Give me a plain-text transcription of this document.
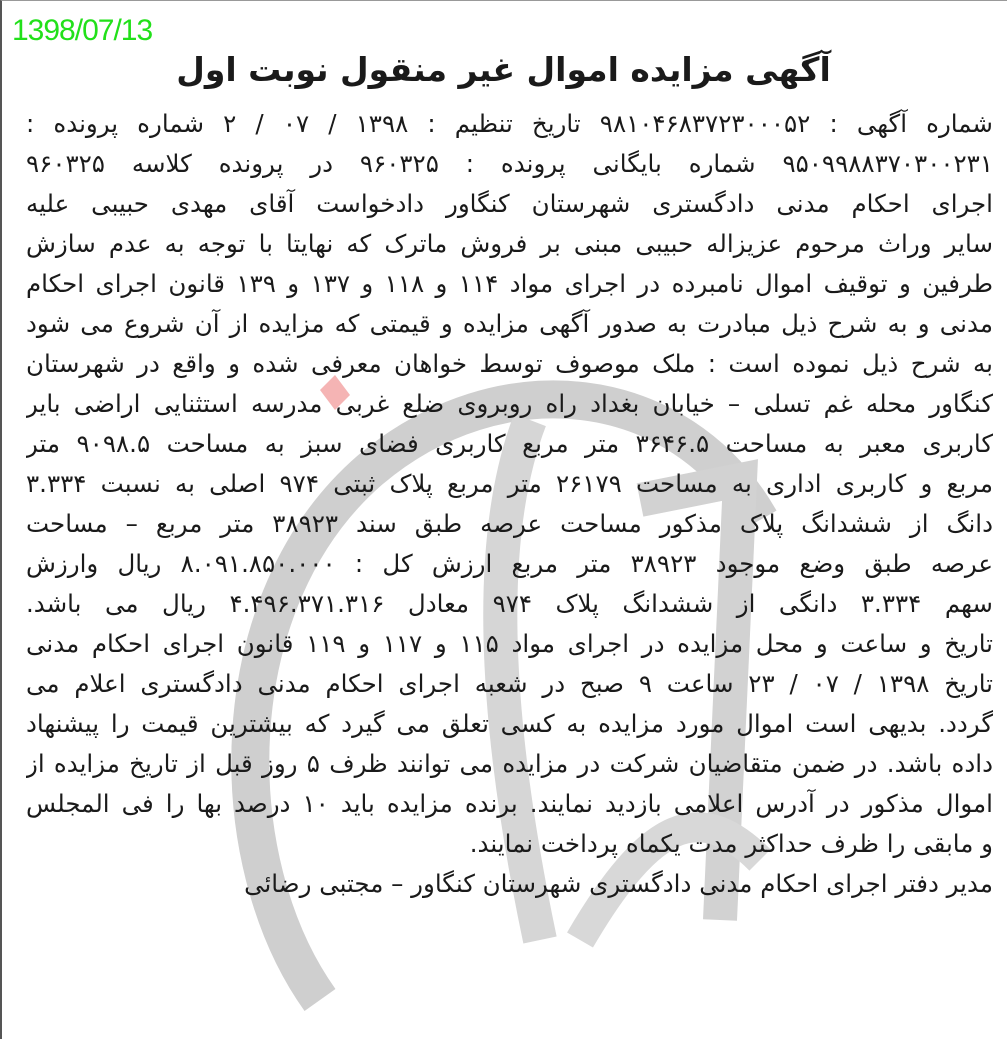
1398/07/13
آگهی مزایده اموال غیر منقول نوبت اول
شماره آگهی : ۹۸۱۰۴۶۸۳۷۲۳۰۰۰۵۲ تاریخ تنظیم : ۱۳۹۸ / ۰۷ / ۲ شماره پرونده :
۹۵۰۹۹۸۸۳۷۰۳۰۰۲۳۱ شماره بایگانی پرونده : ۹۶۰۳۲۵ در پرونده کلاسه ۹۶۰۳۲۵
اجرای احکام مدنی دادگستری شهرستان کنگاور دادخواست آقای مهدی حبیبی علیه
سایر وراث مرحوم عزیزاله حبیبی مبنی بر فروش ماترک که نهایتا با توجه به عدم سازش
طرفین و توقیف اموال نامبرده در اجرای مواد ۱۱۴ و ۱۱۸ و ۱۳۷ و ۱۳۹ قانون اجرای احکام
مدنی و به شرح ذیل مبادرت به صدور آگهی مزایده و قیمتی که مزایده از آن شروع می شود
به شرح ذیل نموده است : ملک موصوف توسط خواهان معرفی شده و واقع در شهرستان
کنگاور محله غم تسلی – خیابان بغداد راه روبروی ضلع غربی مدرسه استثنایی اراضی بایر
کاربری معبر به مساحت ۳۶۴۶.۵ متر مربع کاربری فضای سبز به مساحت ۹۰۹۸.۵ متر
مربع و کاربری اداری به مساحت ۲۶۱۷۹ متر مربع پلاک ثبتی ۹۷۴ اصلی به نسبت ۳.۳۳۴
دانگ از ششدانگ پلاک مذکور مساحت عرصه طبق سند ۳۸۹۲۳ متر مربع – مساحت
عرصه طبق وضع موجود ۳۸۹۲۳ متر مربع ارزش کل : ۸.۰۹۱.۸۵۰.۰۰۰ ریال وارزش
سهم ۳.۳۳۴ دانگی از ششدانگ پلاک ۹۷۴ معادل ۴.۴۹۶.۳۷۱.۳۱۶ ریال می باشد.
تاریخ و ساعت و محل مزایده در اجرای مواد ۱۱۵ و ۱۱۷ و ۱۱۹ قانون اجرای احکام مدنی
تاریخ ۱۳۹۸ / ۰۷ / ۲۳ ساعت ۹ صبح در شعبه اجرای احکام مدنی دادگستری اعلام می
گردد. بدیهی است اموال مورد مزایده به کسی تعلق می گیرد که بیشترین قیمت را پیشنهاد
داده باشد. در ضمن متقاضیان شرکت در مزایده می توانند ظرف ۵ روز قبل از تاریخ مزایده از
اموال مذکور در آدرس اعلامی بازدید نمایند. برنده مزایده باید ۱۰ درصد بها را فی المجلس
و مابقی را ظرف حداکثر مدت یکماه پرداخت نمایند.
مدیر دفتر اجرای احکام مدنی دادگستری شهرستان کنگاور – مجتبی رضائی
